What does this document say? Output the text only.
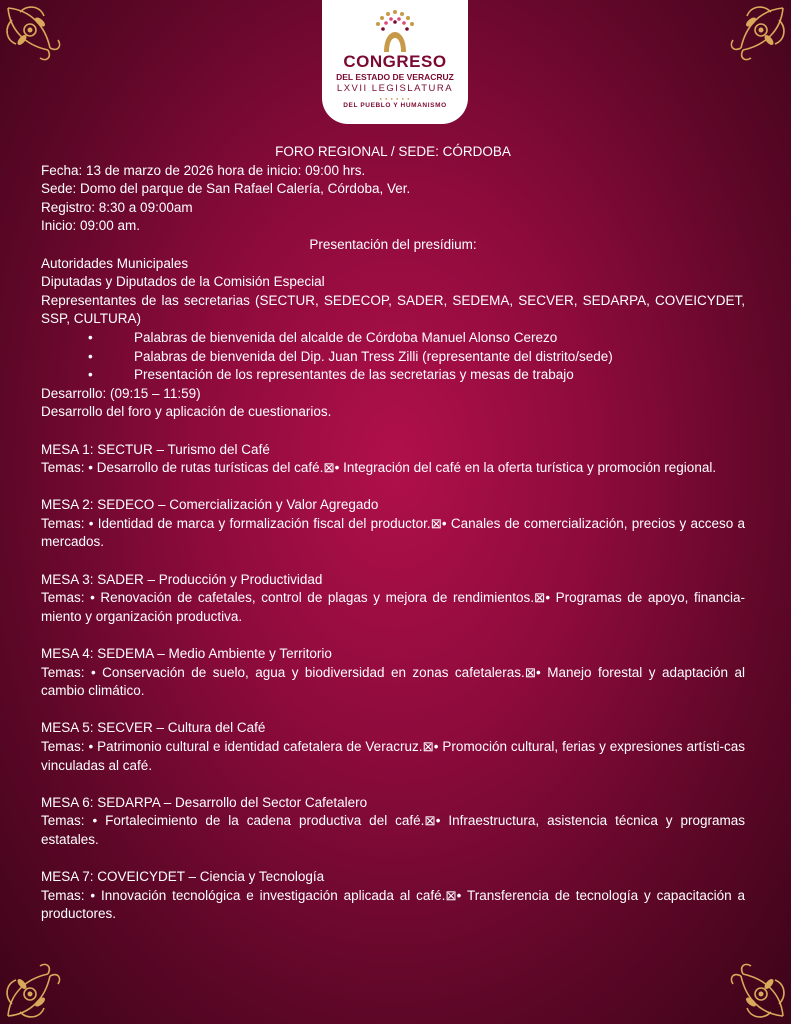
CONGRESO
DEL ESTADO DE VERACRUZ
LXVII LEGISLATURA
● ● ● ● ● ●
DEL PUEBLO Y HUMANISMO

FORO REGIONAL / SEDE: CÓRDOBA

Fecha: 13 de marzo de 2026 hora de inicio: 09:00 hrs.

Sede: Domo del parque de San Rafael Calería, Córdoba, Ver.

Registro: 8:30 a 09:00am

Inicio: 09:00 am.

Presentación del presídium:

Autoridades Municipales

Diputadas y Diputados de la Comisión Especial

Representantes de las secretarias (SECTUR, SEDECOP, SADER, SEDEMA, SECVER, SEDARPA, COVEICYDET, SSP, CULTURA)

•	Palabras de bienvenida del alcalde de Córdoba Manuel Alonso Cerezo
•	Palabras de bienvenida del Dip. Juan Tress Zilli (representante del distrito/sede)
•	Presentación de los representantes de las secretarias y mesas de trabajo

Desarrollo: (09:15 – 11:59)

Desarrollo del foro y aplicación de cuestionarios.

MESA 1: SECTUR – Turismo del Café

Temas: • Desarrollo de rutas turísticas del café.⊠• Integración del café en la oferta turística y promoción regional.

MESA 2: SEDECO – Comercialización y Valor Agregado

Temas: • Identidad de marca y formalización fiscal del productor.⊠• Canales de comercialización, precios y acceso a mercados.

MESA 3: SADER – Producción y Productividad

Temas: • Renovación de cafetales, control de plagas y mejora de rendimientos.⊠• Programas de apoyo, financia-miento y organización productiva.

MESA 4: SEDEMA – Medio Ambiente y Territorio

Temas: • Conservación de suelo, agua y biodiversidad en zonas cafetaleras.⊠• Manejo forestal y adaptación al cambio climático.

MESA 5: SECVER – Cultura del Café

Temas: • Patrimonio cultural e identidad cafetalera de Veracruz.⊠• Promoción cultural, ferias y expresiones artísti-cas vinculadas al café.

MESA 6: SEDARPA – Desarrollo del Sector Cafetalero

Temas: • Fortalecimiento de la cadena productiva del café.⊠• Infraestructura, asistencia técnica y programas estatales.

MESA 7: COVEICYDET – Ciencia y Tecnología

Temas: • Innovación tecnológica e investigación aplicada al café.⊠• Transferencia de tecnología y capacitación a productores.
